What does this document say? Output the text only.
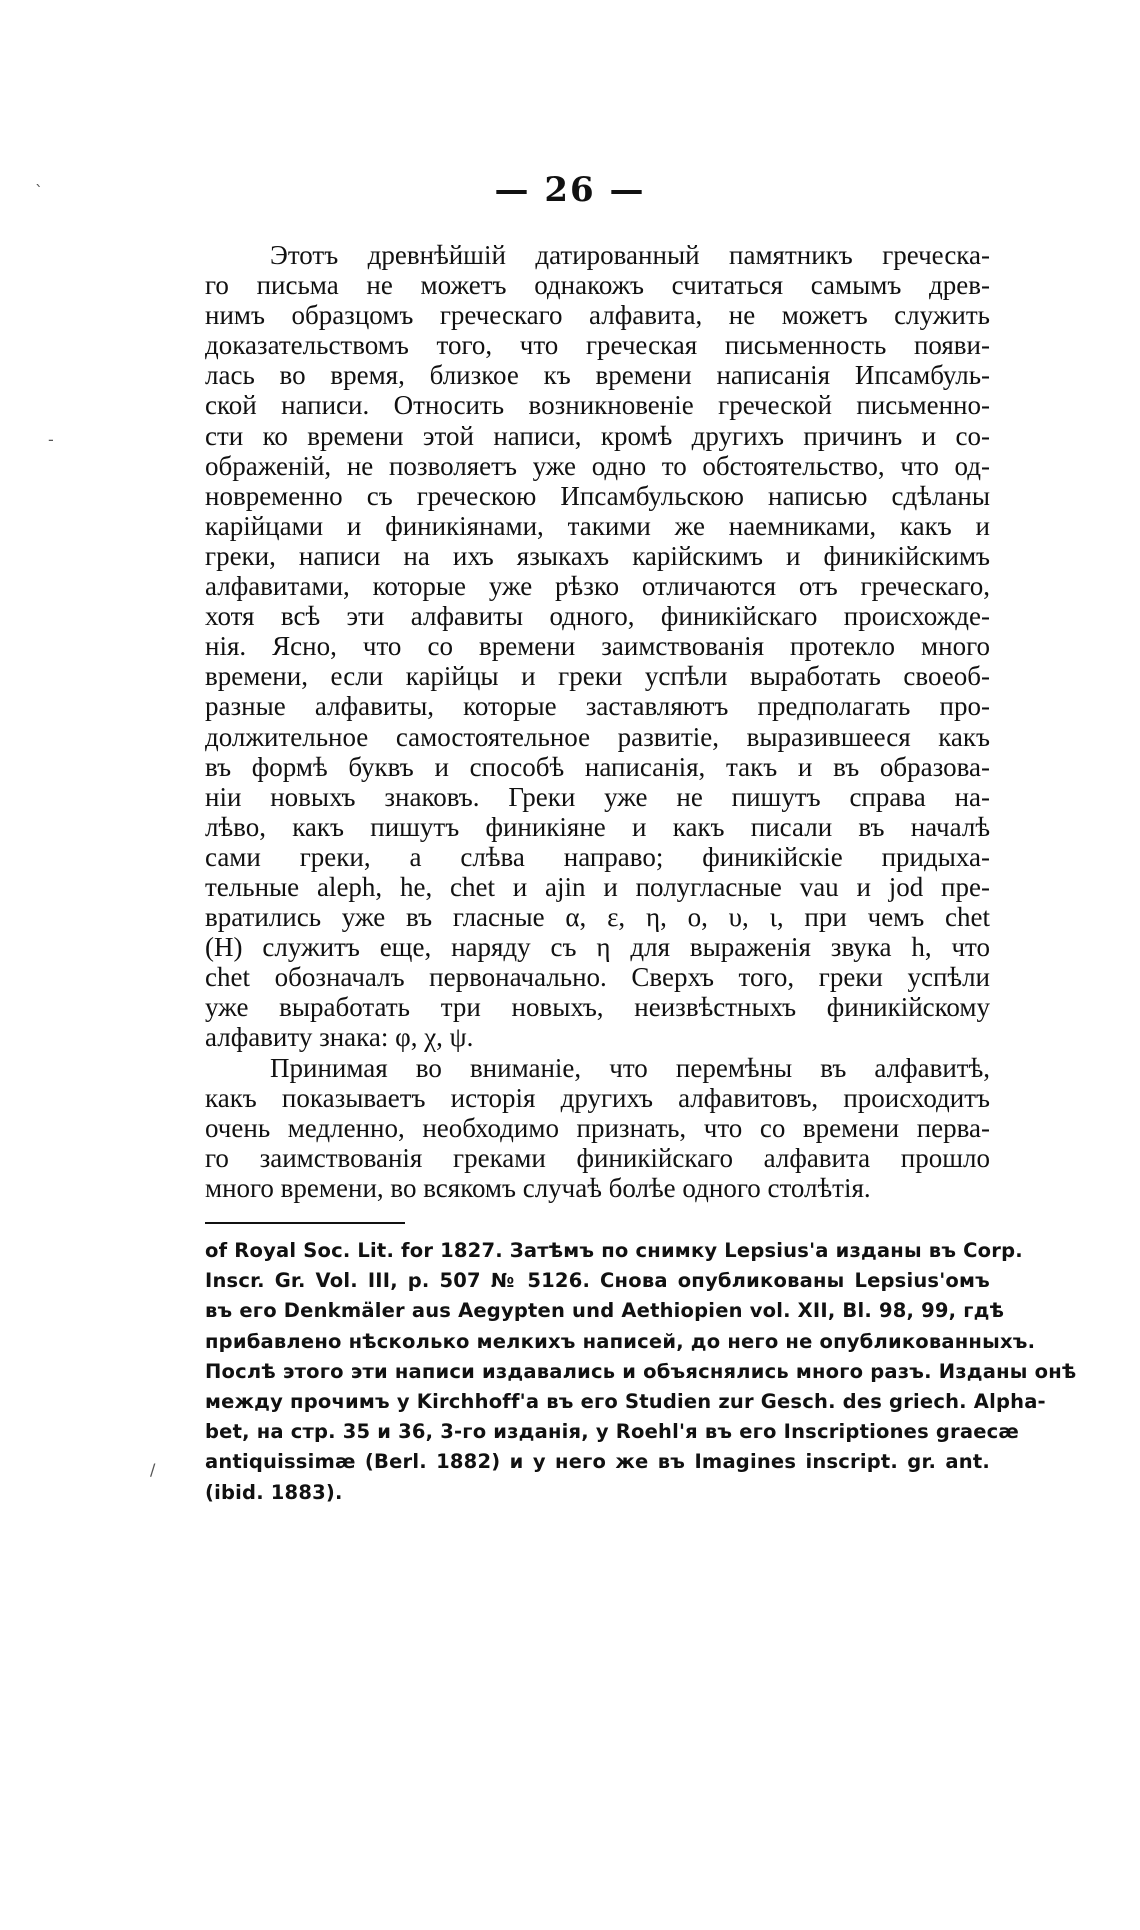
— 26 —
Этотъ древнѣйшій датированный памятникъ греческа-
го письма не можетъ однакожъ считаться самымъ древ-
нимъ образцомъ греческаго алфавита, не можетъ служить
доказательствомъ того, что греческая письменность появи-
лась во время, близкое къ времени написанія Ипсамбуль-
ской написи. Относить возникновеніе греческой письменно-
сти ко времени этой написи, кромѣ другихъ причинъ и со-
ображеній, не позволяетъ уже одно то обстоятельство, что од-
новременно съ греческою Ипсамбульскою написью сдѣланы
карійцами и финикіянами, такими же наемниками, какъ и
греки, написи на ихъ языкахъ карійскимъ и финикійскимъ
алфавитами, которые уже рѣзко отличаются отъ греческаго,
хотя всѣ эти алфавиты одного, финикійскаго происхожде-
нія. Ясно, что со времени заимствованія протекло много
времени, если карійцы и греки успѣли выработать своеоб-
разные алфавиты, которые заставляютъ предполагать про-
должительное самостоятельное развитіе, выразившееся какъ
въ формѣ буквъ и способѣ написанія, такъ и въ образова-
ніи новыхъ знаковъ. Греки уже не пишутъ справа на-
лѣво, какъ пишутъ финикіяне и какъ писали въ началѣ
сами греки, а слѣва направо; финикійскіе придыха-
тельные aleph, he, chet и ajin и полугласные vau и jod пре-
вратились уже въ гласные α, ε, η, ο, υ, ι, при чемъ chet
(H) служитъ еще, наряду съ η для выраженія звука h, что
chet обозначалъ первоначально. Сверхъ того, греки успѣли
уже выработать три новыхъ, неизвѣстныхъ финикійскому
алфавиту знака: φ, χ, ψ.
Принимая во вниманіе, что перемѣны въ алфавитѣ,
какъ показываетъ исторія другихъ алфавитовъ, происходитъ
очень медленно, необходимо признать, что со времени перва-
го заимствованія греками финикійскаго алфавита прошло
много времени, во всякомъ случаѣ болѣе одного столѣтія.
of Royal Soc. Lit. for 1827. Затѣмъ по снимку Lepsius'а изданы въ Corp.
Inscr. Gr. Vol. III, p. 507 № 5126. Снова опубликованы Lepsius'омъ
въ его Denkmäler aus Aegypten und Aethiopien vol. XII, Bl. 98, 99, гдѣ
прибавлено нѣсколько мелкихъ написей, до него не опубликованныхъ.
Послѣ этого эти написи издавались и объяснялись много разъ. Изданы онѣ
между прочимъ у Kirchhoff'а въ его Studien zur Gesch. des griech. Alpha-
bet, на стр. 35 и 36, 3-го изданія, у Roehl'я въ его Inscriptiones graecæ
antiquissimæ (Berl. 1882) и у него же въ Imagines inscript. gr. ant.
(ibid. 1883).
`
-
/
